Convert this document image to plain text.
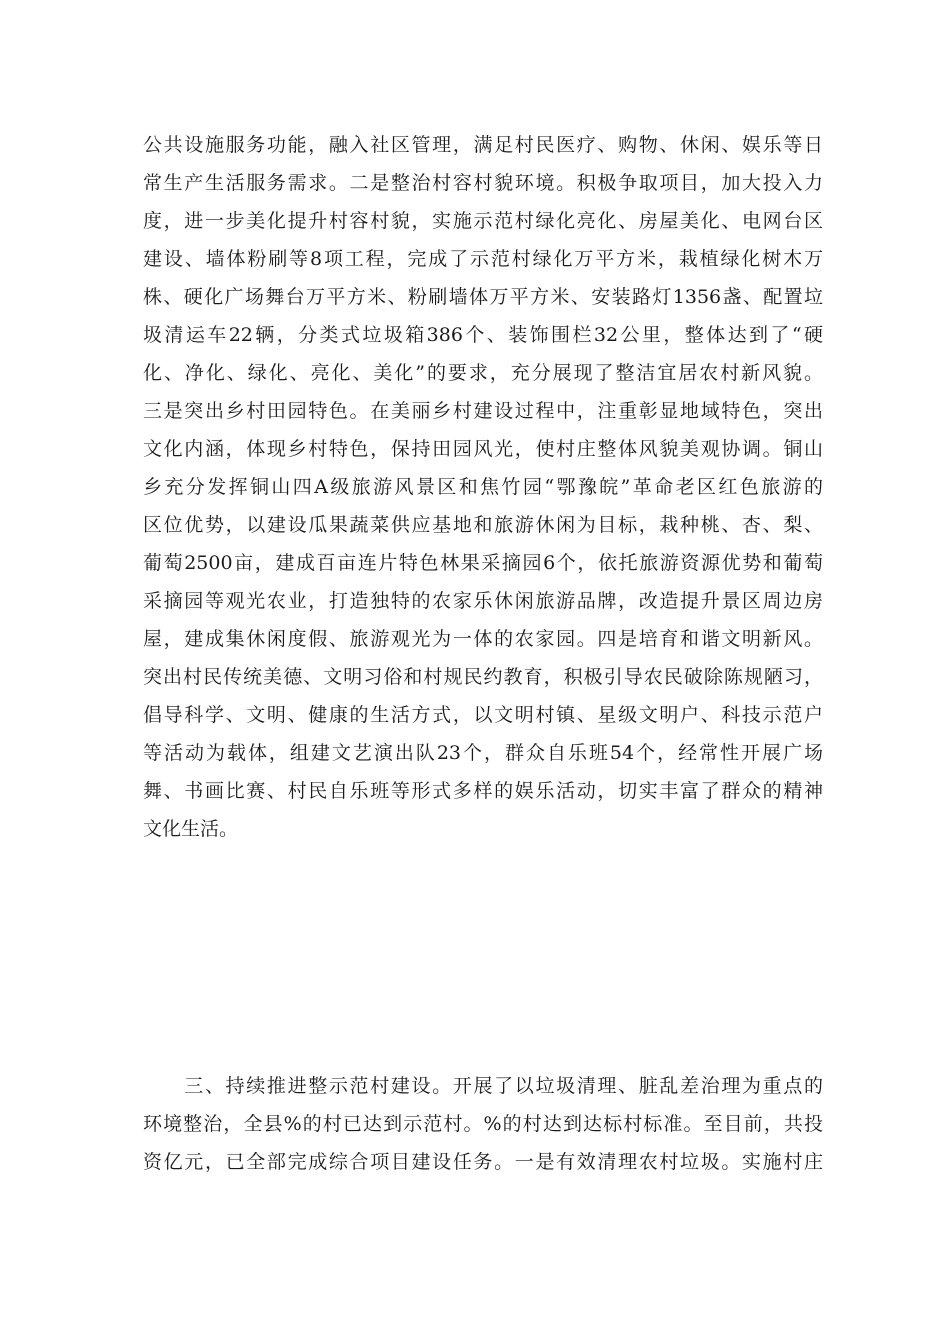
公共设施服务功能，融入社区管理，满足村民医疗、购物、休闲、娱乐等日
常生产生活服务需求。二是整治村容村貌环境。积极争取项目，加大投入力
度，进一步美化提升村容村貌，实施示范村绿化亮化、房屋美化、电网台区
建设、墙体粉刷等8项工程，完成了示范村绿化万平方米，栽植绿化树木万
株、硬化广场舞台万平方米、粉刷墙体万平方米、安装路灯1356盏、配置垃
圾清运车22辆，分类式垃圾箱386个、装饰围栏32公里，整体达到了“硬
化、净化、绿化、亮化、美化”的要求，充分展现了整洁宜居农村新风貌。
三是突出乡村田园特色。在美丽乡村建设过程中，注重彰显地域特色，突出
文化内涵，体现乡村特色，保持田园风光，使村庄整体风貌美观协调。铜山
乡充分发挥铜山四A级旅游风景区和焦竹园“鄂豫皖”革命老区红色旅游的
区位优势，以建设瓜果蔬菜供应基地和旅游休闲为目标，栽种桃、杏、梨、
葡萄2500亩，建成百亩连片特色林果采摘园6个，依托旅游资源优势和葡萄
采摘园等观光农业，打造独特的农家乐休闲旅游品牌，改造提升景区周边房
屋，建成集休闲度假、旅游观光为一体的农家园。四是培育和谐文明新风。
突出村民传统美德、文明习俗和村规民约教育，积极引导农民破除陈规陋习，
倡导科学、文明、健康的生活方式，以文明村镇、星级文明户、科技示范户
等活动为载体，组建文艺演出队23个，群众自乐班54个，经常性开展广场
舞、书画比赛、村民自乐班等形式多样的娱乐活动，切实丰富了群众的精神
文化生活。
　　三、持续推进整示范村建设。开展了以垃圾清理、脏乱差治理为重点的
环境整治，全县%的村已达到示范村。%的村达到达标村标准。至目前，共投
资亿元，已全部完成综合项目建设任务。一是有效清理农村垃圾。实施村庄
